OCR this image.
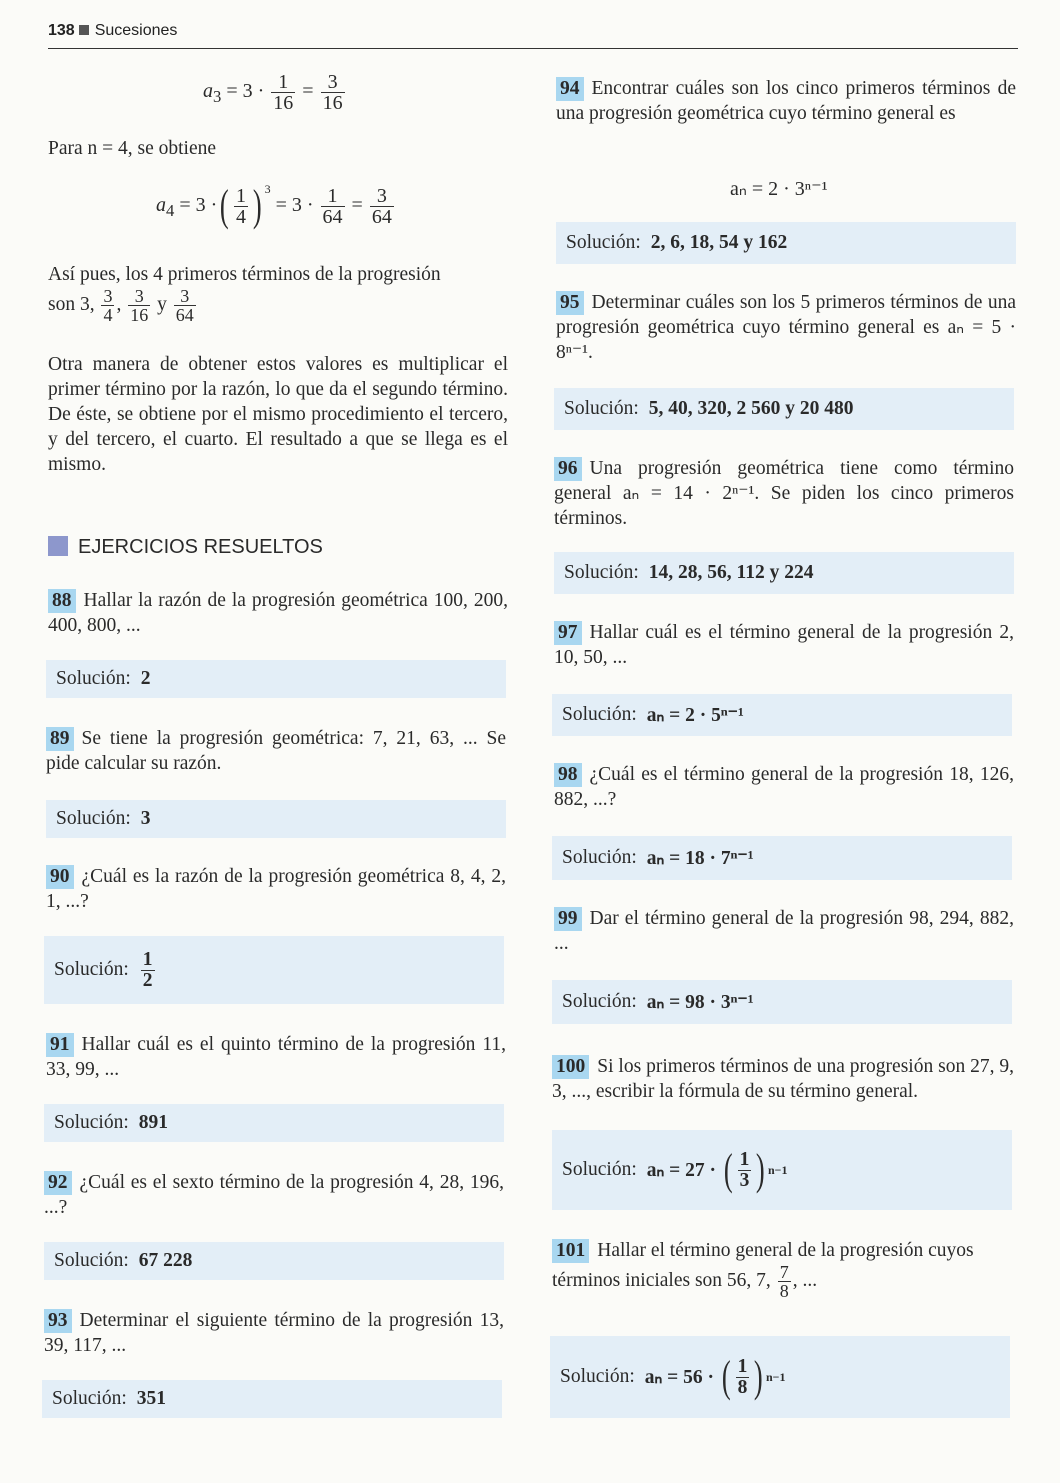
138 Sucesiones
$a_3 = 3 \cdot \frac{1}{16} = \frac{3}{16}$
Para n = 4, se obtiene
$a_4 = 3$ ·( $\frac{1}{4}$ ) $^3 = 3 \cdot \frac{1}{64} = \frac{3}{64}$
Así pues, los 4 primeros términos de la progresión
son 3, $\frac{3}{4}$ , $\frac{3}{16}$ y $\frac{3}{64}$
Otra manera de obtener estos valores es multiplicar el primer término por la razón, lo que da el segundo término. De éste, se obtiene por el mismo procedimiento el tercero, y del tercero, el cuarto. El resultado a que se llega es el mismo.
EJERCICIOS RESUELTOS
88 Hallar la razón de la progresión geométrica 100, 200, 400, 800, ...
Solución: 2
89 Se tiene la progresión geométrica: 7, 21, 63, ... Se pide calcular su razón.
Solución: 3
90 ¿Cuál es la razón de la progresión geométrica 8, 4, 2, 1, ...?
Solución: $\frac{1}{2}$
91 Hallar cuál es el quinto término de la progresión 11, 33, 99, ...
Solución: 891
92 ¿Cuál es el sexto término de la progresión 4, 28, 196, ...?
Solución: 67 228
93 Determinar el siguiente término de la progresión 13, 39, 117, ...
Solución: 351
94 Encontrar cuáles son los cinco primeros términos de una progresión geométrica cuyo término general es
aₙ = 2 · 3ⁿ⁻¹
Solución: 2, 6, 18, 54 y 162
95 Determinar cuáles son los 5 primeros términos de una progresión geométrica cuyo término general es aₙ = 5 · 8ⁿ⁻¹.
Solución: 5, 40, 320, 2 560 y 20 480
96 Una progresión geométrica tiene como término general aₙ = 14 · 2ⁿ⁻¹. Se piden los cinco primeros términos.
Solución: 14, 28, 56, 112 y 224
97 Hallar cuál es el término general de la progresión 2, 10, 50, ...
Solución: aₙ = 2 · 5ⁿ⁻¹
98 ¿Cuál es el término general de la progresión 18, 126, 882, ...?
Solución: aₙ = 18 · 7ⁿ⁻¹
99 Dar el término general de la progresión 98, 294, 882, ...
Solución: aₙ = 98 · 3ⁿ⁻¹
100 Si los primeros términos de una progresión son 27, 9, 3, ..., escribir la fórmula de su término general.
Solución: aₙ = 27 ·
( $\frac{1}{3}$ ) n−1
101 Hallar el término general de la progresión cuyos términos iniciales son 56, 7, $\frac{7}{8}$ , ...
Solución: aₙ = 56 ·
( $\frac{1}{8}$ ) n−1
